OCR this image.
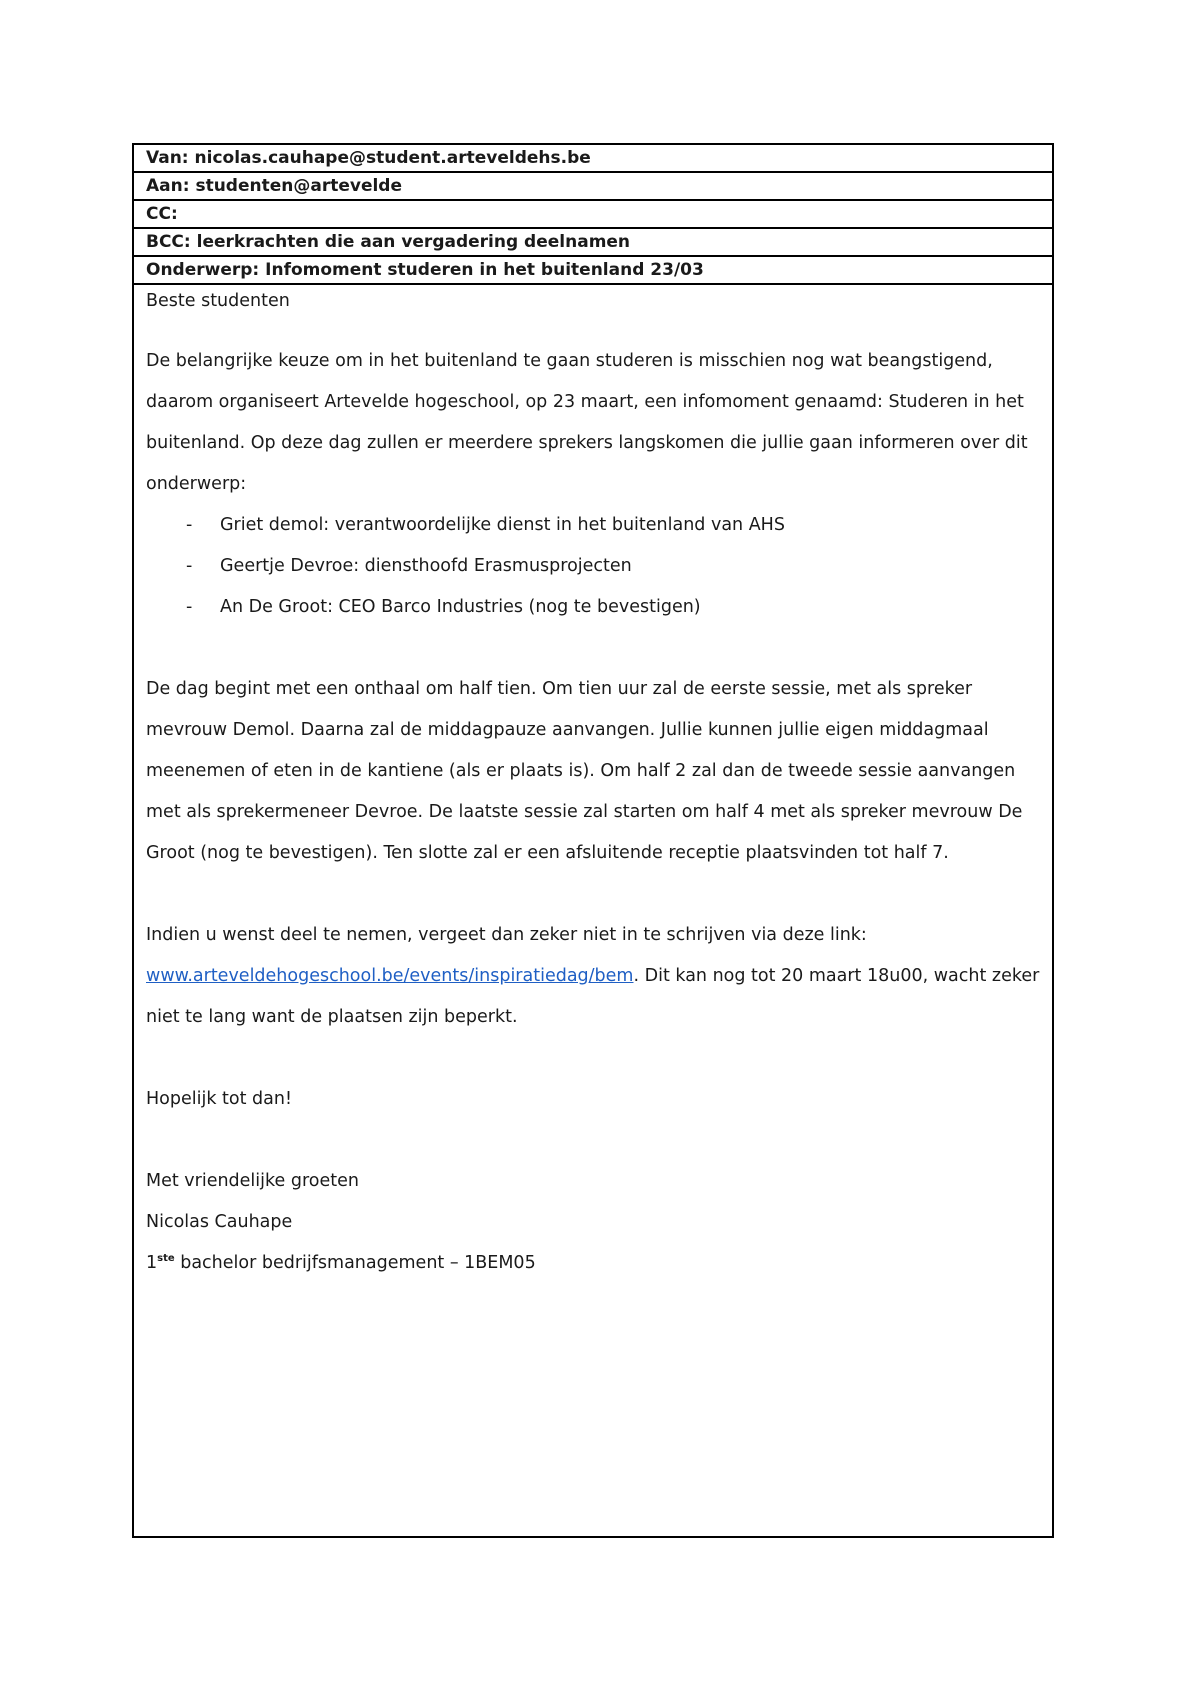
Van: nicolas.cauhape@student.arteveldehs.be
Aan: studenten@artevelde
CC:
BCC: leerkrachten die aan vergadering deelnamen
Onderwerp: Infomoment studeren in het buitenland 23/03

Beste studenten

De belangrijke keuze om in het buitenland te gaan studeren is misschien nog wat beangstigend, daarom organiseert Artevelde hogeschool, op 23 maart, een infomoment genaamd: Studeren in het buitenland. Op deze dag zullen er meerdere sprekers langskomen die jullie gaan informeren over dit onderwerp:

- Griet demol: verantwoordelijke dienst in het buitenland van AHS
- Geertje Devroe: diensthoofd Erasmusprojecten
- An De Groot: CEO Barco Industries (nog te bevestigen)

De dag begint met een onthaal om half tien. Om tien uur zal de eerste sessie, met als spreker mevrouw Demol. Daarna zal de middagpauze aanvangen. Jullie kunnen jullie eigen middagmaal meenemen of eten in de kantiene (als er plaats is). Om half 2 zal dan de tweede sessie aanvangen met als sprekermeneer Devroe. De laatste sessie zal starten om half 4 met als spreker mevrouw De Groot (nog te bevestigen). Ten slotte zal er een afsluitende receptie plaatsvinden tot half 7.

Indien u wenst deel te nemen, vergeet dan zeker niet in te schrijven via deze link: www.arteveldehogeschool.be/events/inspiratiedag/bem. Dit kan nog tot 20 maart 18u00, wacht zeker niet te lang want de plaatsen zijn beperkt.

Hopelijk tot dan!

Met vriendelijke groeten

Nicolas Cauhape

1ste bachelor bedrijfsmanagement – 1BEM05
